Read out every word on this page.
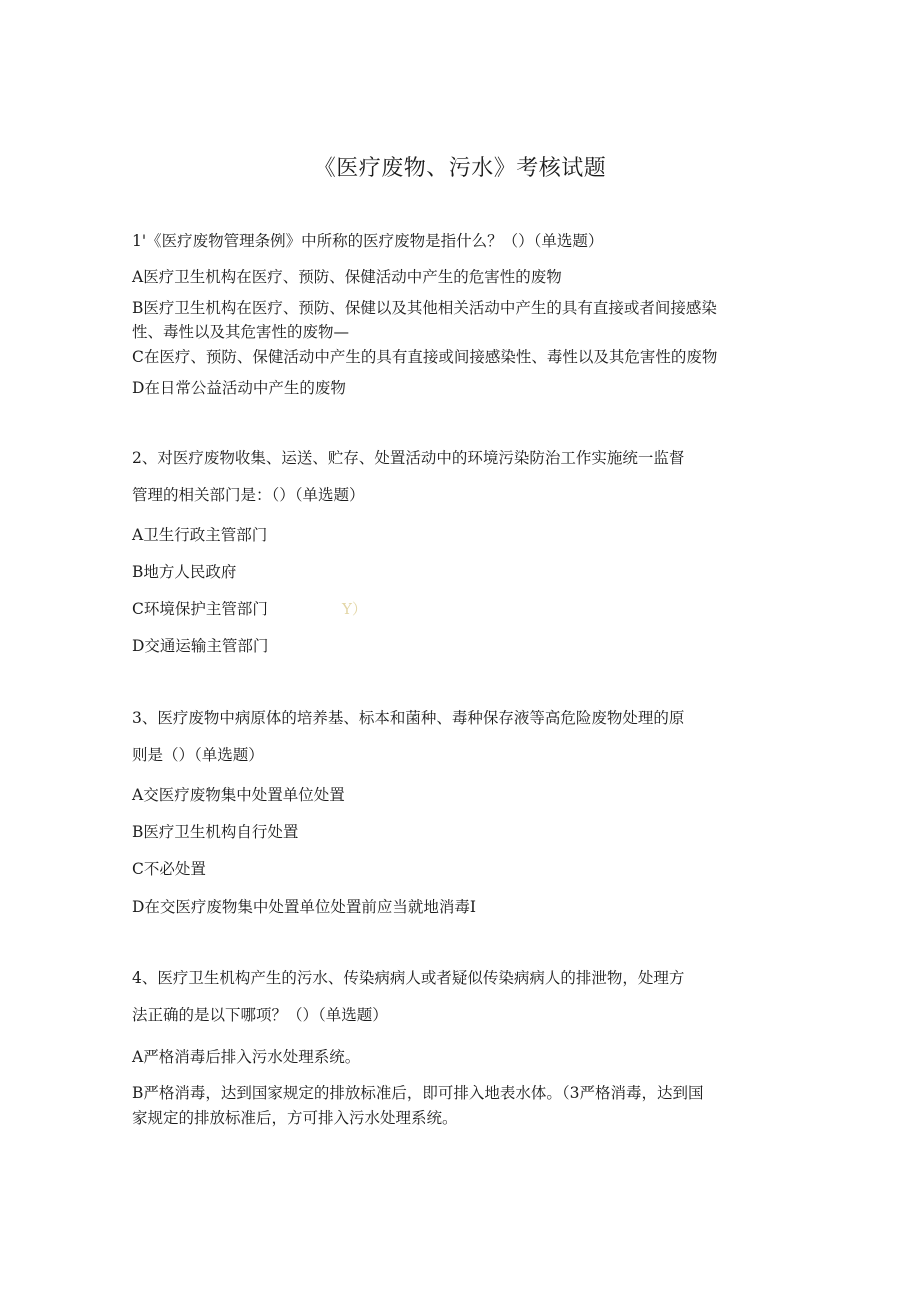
《医疗废物、污水》考核试题
1'《医疗废物管理条例》中所称的医疗废物是指什么？（）（单选题）
A医疗卫生机构在医疗、预防、保健活动中产生的危害性的废物
B医疗卫生机构在医疗、预防、保健以及其他相关活动中产生的具有直接或者间接感染
性、毒性以及其危害性的废物—
C在医疗、预防、保健活动中产生的具有直接或间接感染性、毒性以及其危害性的废物
D在日常公益活动中产生的废物
2、对医疗废物收集、运送、贮存、处置活动中的环境污染防治工作实施统一监督
管理的相关部门是：（）（单选题）
A卫生行政主管部门
B地方人民政府
C环境保护主管部门	Y）
D交通运输主管部门
3、医疗废物中病原体的培养基、标本和菌种、毒种保存液等高危险废物处理的原
则是（）（单选题）
A交医疗废物集中处置单位处置
B医疗卫生机构自行处置
C不必处置
D在交医疗废物集中处置单位处置前应当就地消毒I
4、医疗卫生机构产生的污水、传染病病人或者疑似传染病病人的排泄物，处理方
法正确的是以下哪项？（）（单选题）
A严格消毒后排入污水处理系统。
B严格消毒，达到国家规定的排放标准后，即可排入地表水体。（3严格消毒，达到国
家规定的排放标准后，方可排入污水处理系统。
